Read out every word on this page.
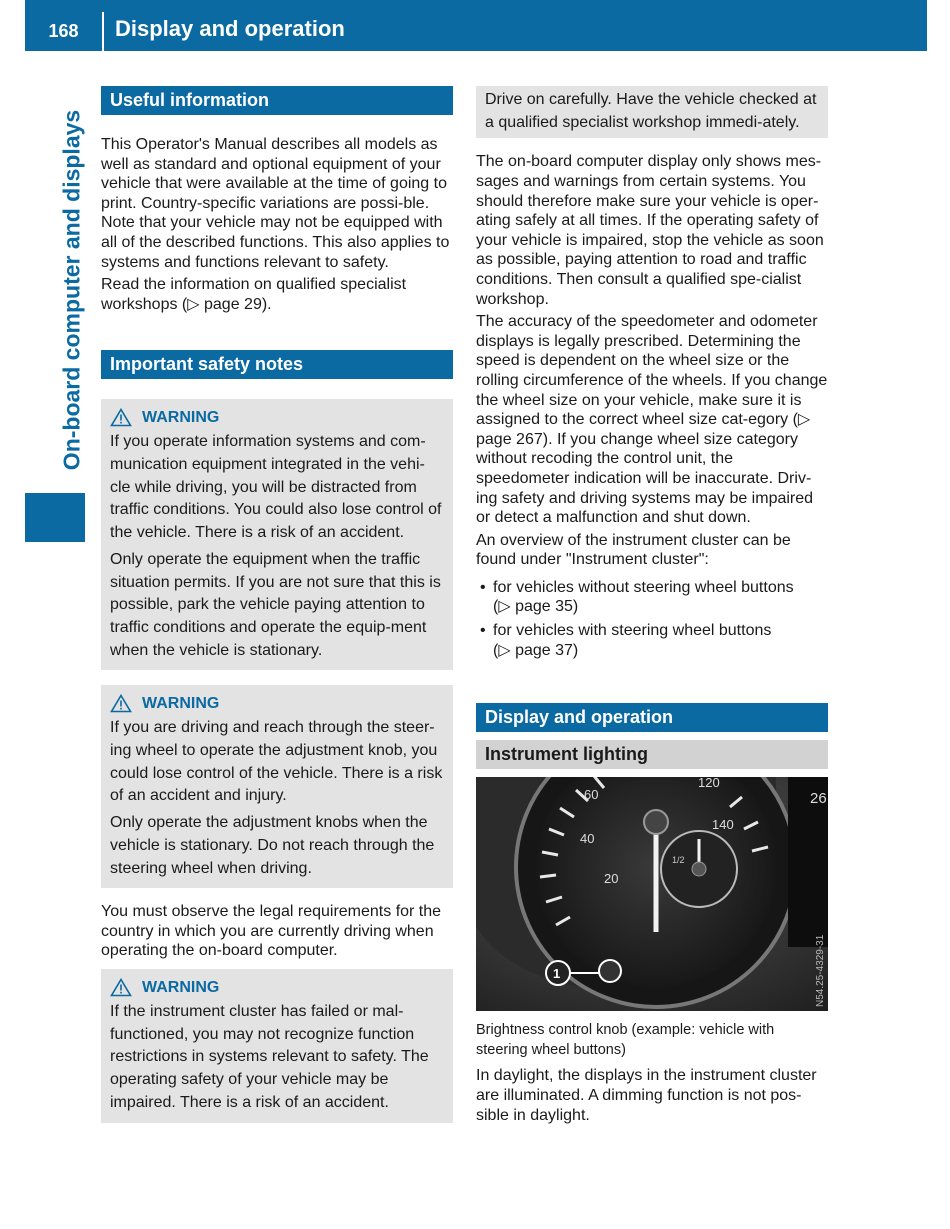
168	Display and operation
On-board computer and displays
Useful information

This Operator's Manual describes all models as well as standard and optional equipment of your vehicle that were available at the time of going to print. Country-specific variations are possi-ble. Note that your vehicle may not be equipped with all of the described functions. This also applies to systems and functions relevant to safety.

Read the information on qualified specialist workshops (▷ page 29).

Important safety notes
WARNING

If you operate information systems and com-munication equipment integrated in the vehi-cle while driving, you will be distracted from traffic conditions. You could also lose control of the vehicle. There is a risk of an accident.

Only operate the equipment when the traffic situation permits. If you are not sure that this is possible, park the vehicle paying attention to traffic conditions and operate the equip-ment when the vehicle is stationary.

WARNING

If you are driving and reach through the steer-ing wheel to operate the adjustment knob, you could lose control of the vehicle. There is a risk of an accident and injury.

Only operate the adjustment knobs when the vehicle is stationary. Do not reach through the steering wheel when driving.

You must observe the legal requirements for the country in which you are currently driving when operating the on-board computer.

WARNING

If the instrument cluster has failed or mal-functioned, you may not recognize function restrictions in systems relevant to safety. The operating safety of your vehicle may be impaired. There is a risk of an accident.

Drive on carefully. Have the vehicle checked at a qualified specialist workshop immedi-ately.

The on-board computer display only shows mes-sages and warnings from certain systems. You should therefore make sure your vehicle is oper-ating safely at all times. If the operating safety of your vehicle is impaired, stop the vehicle as soon as possible, paying attention to road and traffic conditions. Then consult a qualified spe-cialist workshop.

The accuracy of the speedometer and odometer displays is legally prescribed. Determining the speed is dependent on the wheel size or the rolling circumference of the wheels. If you change the wheel size on your vehicle, make sure it is assigned to the correct wheel size cat-egory (▷ page 267). If you change wheel size category without recoding the control unit, the speedometer indication will be inaccurate. Driv-ing safety and driving systems may be impaired or detect a malfunction and shut down.

An overview of the instrument cluster can be found under "Instrument cluster":

• for vehicles without steering wheel buttons
(▷ page 35)
• for vehicles with steering wheel buttons
(▷ page 37)
Display and operation
Instrument lighting
60
40
20
120
140
1/2
26
N54.25-4329-31
1

Brightness control knob (example: vehicle with steering wheel buttons)

In daylight, the displays in the instrument cluster are illuminated. A dimming function is not pos-sible in daylight.
